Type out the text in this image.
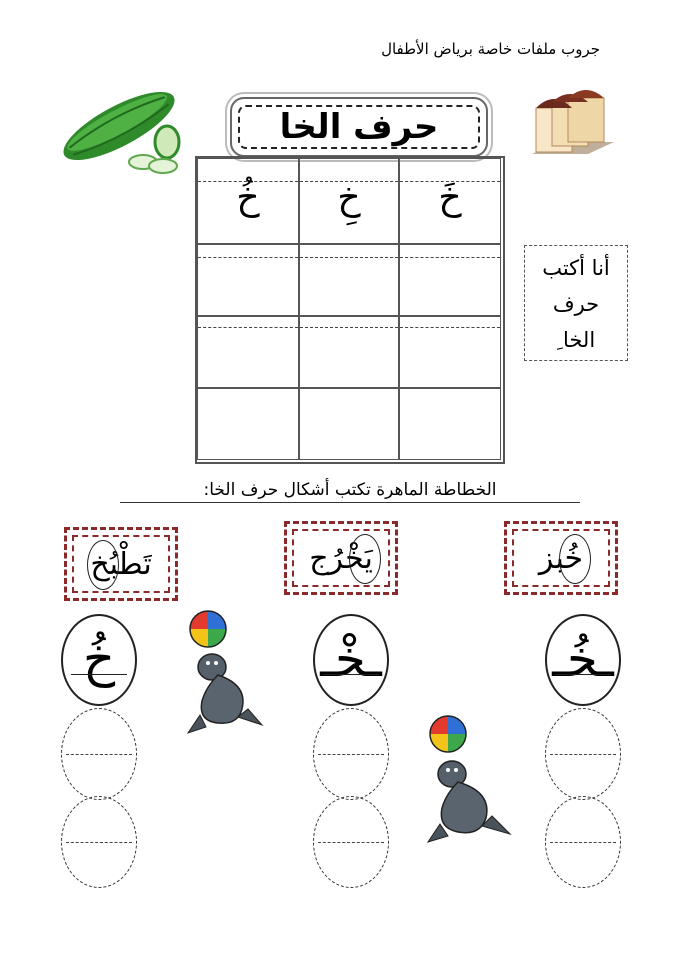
جروب ملفات خاصة برياض الأطفال
حرف الخا
خُ	خِ	خَ
أنا أكتب
حرف
الخا ِ
الخطاطة الماهرة تكتب أشكال حرف الخا:
تَطْبُخ	يَخْرُج	خُبز
خُ	ـخْـ	ـخُـ
